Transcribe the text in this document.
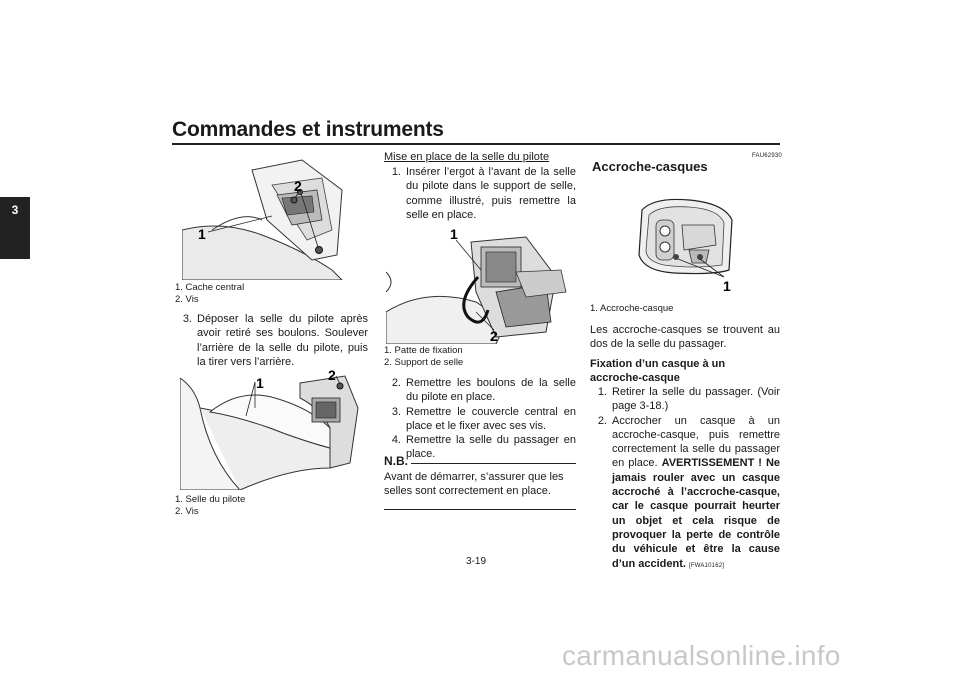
Commandes et instruments
3
1
2
1. Cache central
2. Vis
3. Déposer la selle du pilote après avoir retiré ses boulons. Soulever l’arrière de la selle du pilote, puis la tirer vers l’arrière.
1	2
1. Selle du pilote
2. Vis
Mise en place de la selle du pilote
1. Insérer l’ergot à l’avant de la selle du pilote dans le support de selle, comme illustré, puis remettre la selle en place.
1
2
1. Patte de fixation
2. Support de selle
2. Remettre les boulons de la selle du pilote en place.
3. Remettre le couvercle central en place et le fixer avec ses vis.
4. Remettre la selle du passager en place.
N.B.
Avant de démarrer, s’assurer que les selles sont correctement en place.
FAU62930
Accroche-casques
1
1. Accroche-casque
Les accroche-casques se trouvent au dos de la selle du passager.
Fixation d’un casque à un accroche-casque
1. Retirer la selle du passager. (Voir page 3-18.)
2. Accrocher un casque à un accroche-casque, puis remettre correctement la selle du passager en place. AVERTISSEMENT ! Ne jamais rouler avec un casque accroché à l’accroche-casque, car le casque pourrait heurter un objet et cela risque de provoquer la perte de contrôle du véhicule et être la cause d’un accident. [FWA10162]
3-19
carmanualsonline.info
